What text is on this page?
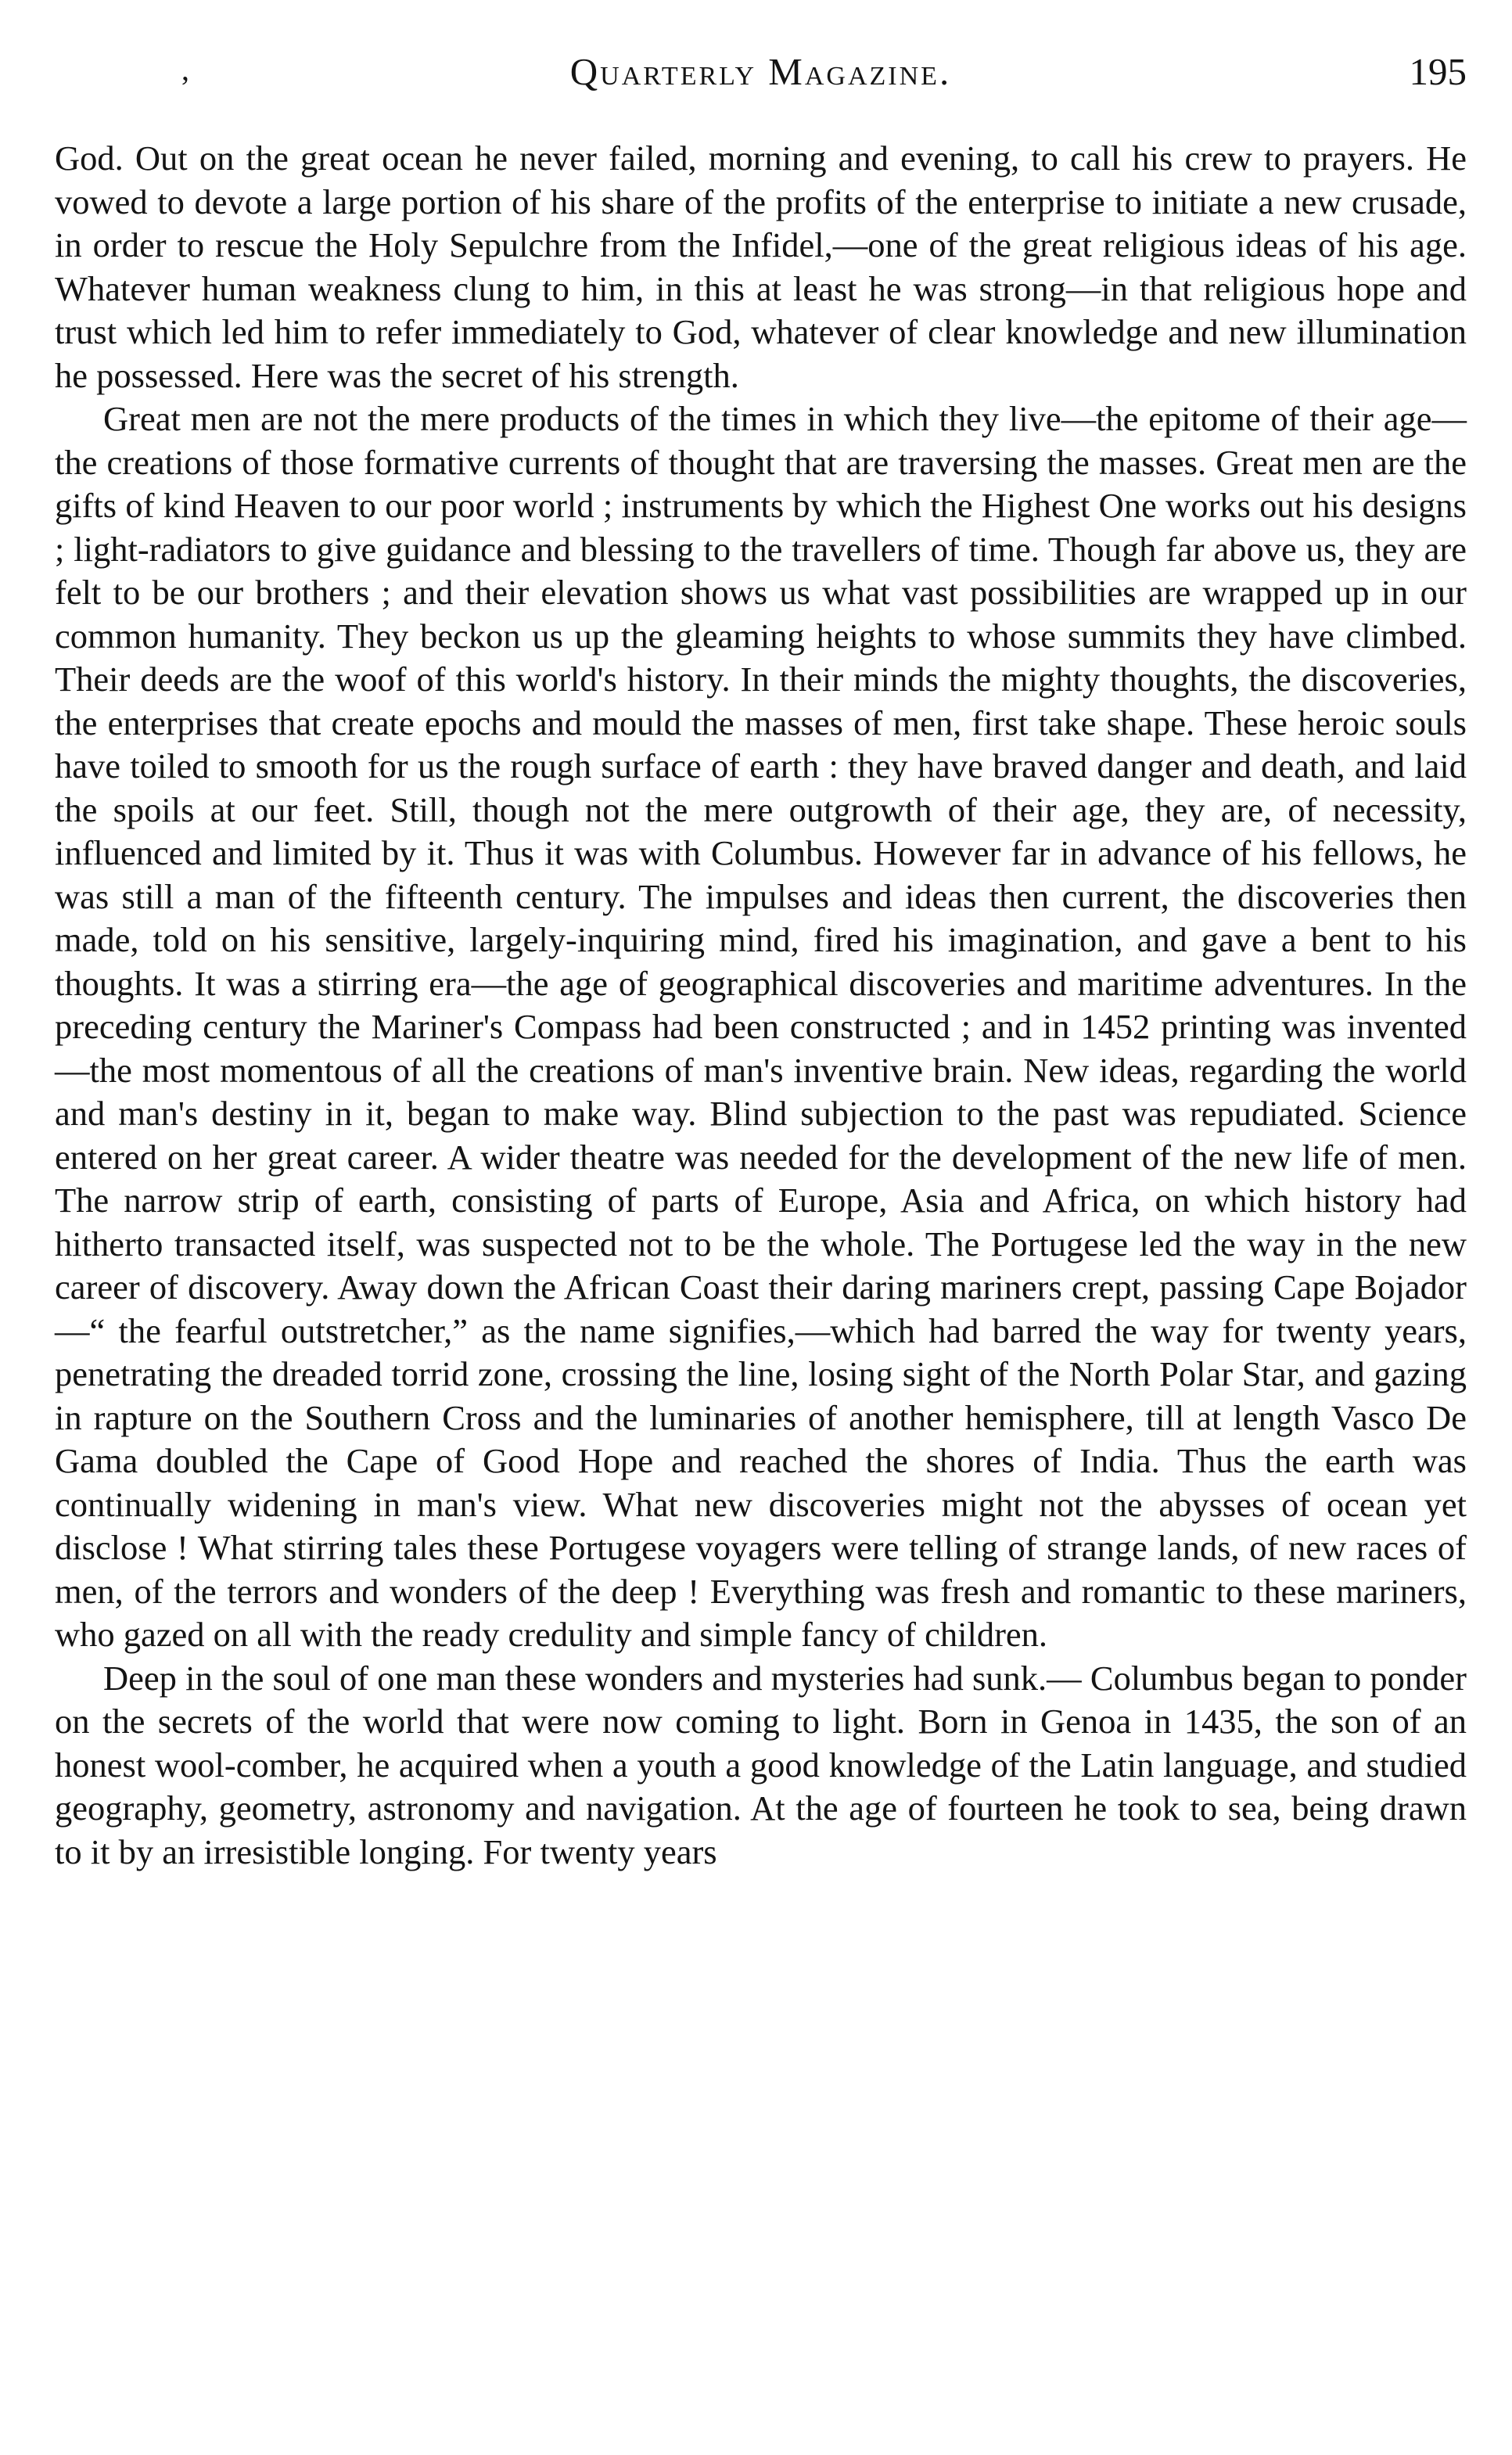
‚	Quarterly Magazine.	195

God. Out on the great ocean he never failed, morning and evening, to call his crew to prayers. He vowed to devote a large portion of his share of the profits of the enterprise to initiate a new crusade, in order to rescue the Holy Sepulchre from the Infidel,—one of the great religious ideas of his age. Whatever human weakness clung to him, in this at least he was strong—in that religious hope and trust which led him to refer immediately to God, whatever of clear knowledge and new illumination he possessed. Here was the secret of his strength.

Great men are not the mere products of the times in which they live—the epitome of their age—the creations of those formative currents of thought that are traversing the masses. Great men are the gifts of kind Heaven to our poor world ; instruments by which the Highest One works out his designs ; light-radiators to give guidance and blessing to the travellers of time. Though far above us, they are felt to be our brothers ; and their elevation shows us what vast possibilities are wrapped up in our common humanity. They beckon us up the gleaming heights to whose summits they have climbed. Their deeds are the woof of this world's history. In their minds the mighty thoughts, the discoveries, the enterprises that create epochs and mould the masses of men, first take shape. These heroic souls have toiled to smooth for us the rough surface of earth : they have braved danger and death, and laid the spoils at our feet. Still, though not the mere outgrowth of their age, they are, of necessity, influenced and limited by it. Thus it was with Columbus. However far in advance of his fellows, he was still a man of the fifteenth century. The impulses and ideas then current, the discoveries then made, told on his sensitive, largely-inquiring mind, fired his imagination, and gave a bent to his thoughts. It was a stirring era—the age of geographical discoveries and maritime adventures. In the preceding century the Mariner's Compass had been constructed ; and in 1452 printing was invented—the most momentous of all the creations of man's inventive brain. New ideas, regarding the world and man's destiny in it, began to make way. Blind subjection to the past was repudiated. Science entered on her great career. A wider theatre was needed for the development of the new life of men. The narrow strip of earth, consisting of parts of Europe, Asia and Africa, on which history had hitherto transacted itself, was suspected not to be the whole. The Portugese led the way in the new career of discovery. Away down the African Coast their daring mariners crept, passing Cape Bojador—“ the fearful outstretcher,” as the name signifies,—which had barred the way for twenty years, penetrating the dreaded torrid zone, crossing the line, losing sight of the North Polar Star, and gazing in rapture on the Southern Cross and the luminaries of another hemisphere, till at length Vasco De Gama doubled the Cape of Good Hope and reached the shores of India. Thus the earth was continually widening in man's view. What new discoveries might not the abysses of ocean yet disclose ! What stirring tales these Portugese voyagers were telling of strange lands, of new races of men, of the terrors and wonders of the deep ! Everything was fresh and romantic to these mariners, who gazed on all with the ready credulity and simple fancy of children.

Deep in the soul of one man these wonders and mysteries had sunk.— Columbus began to ponder on the secrets of the world that were now coming to light. Born in Genoa in 1435, the son of an honest wool-comber, he acquired when a youth a good knowledge of the Latin language, and studied geography, geometry, astronomy and navigation. At the age of fourteen he took to sea, being drawn to it by an irresistible longing. For twenty years
